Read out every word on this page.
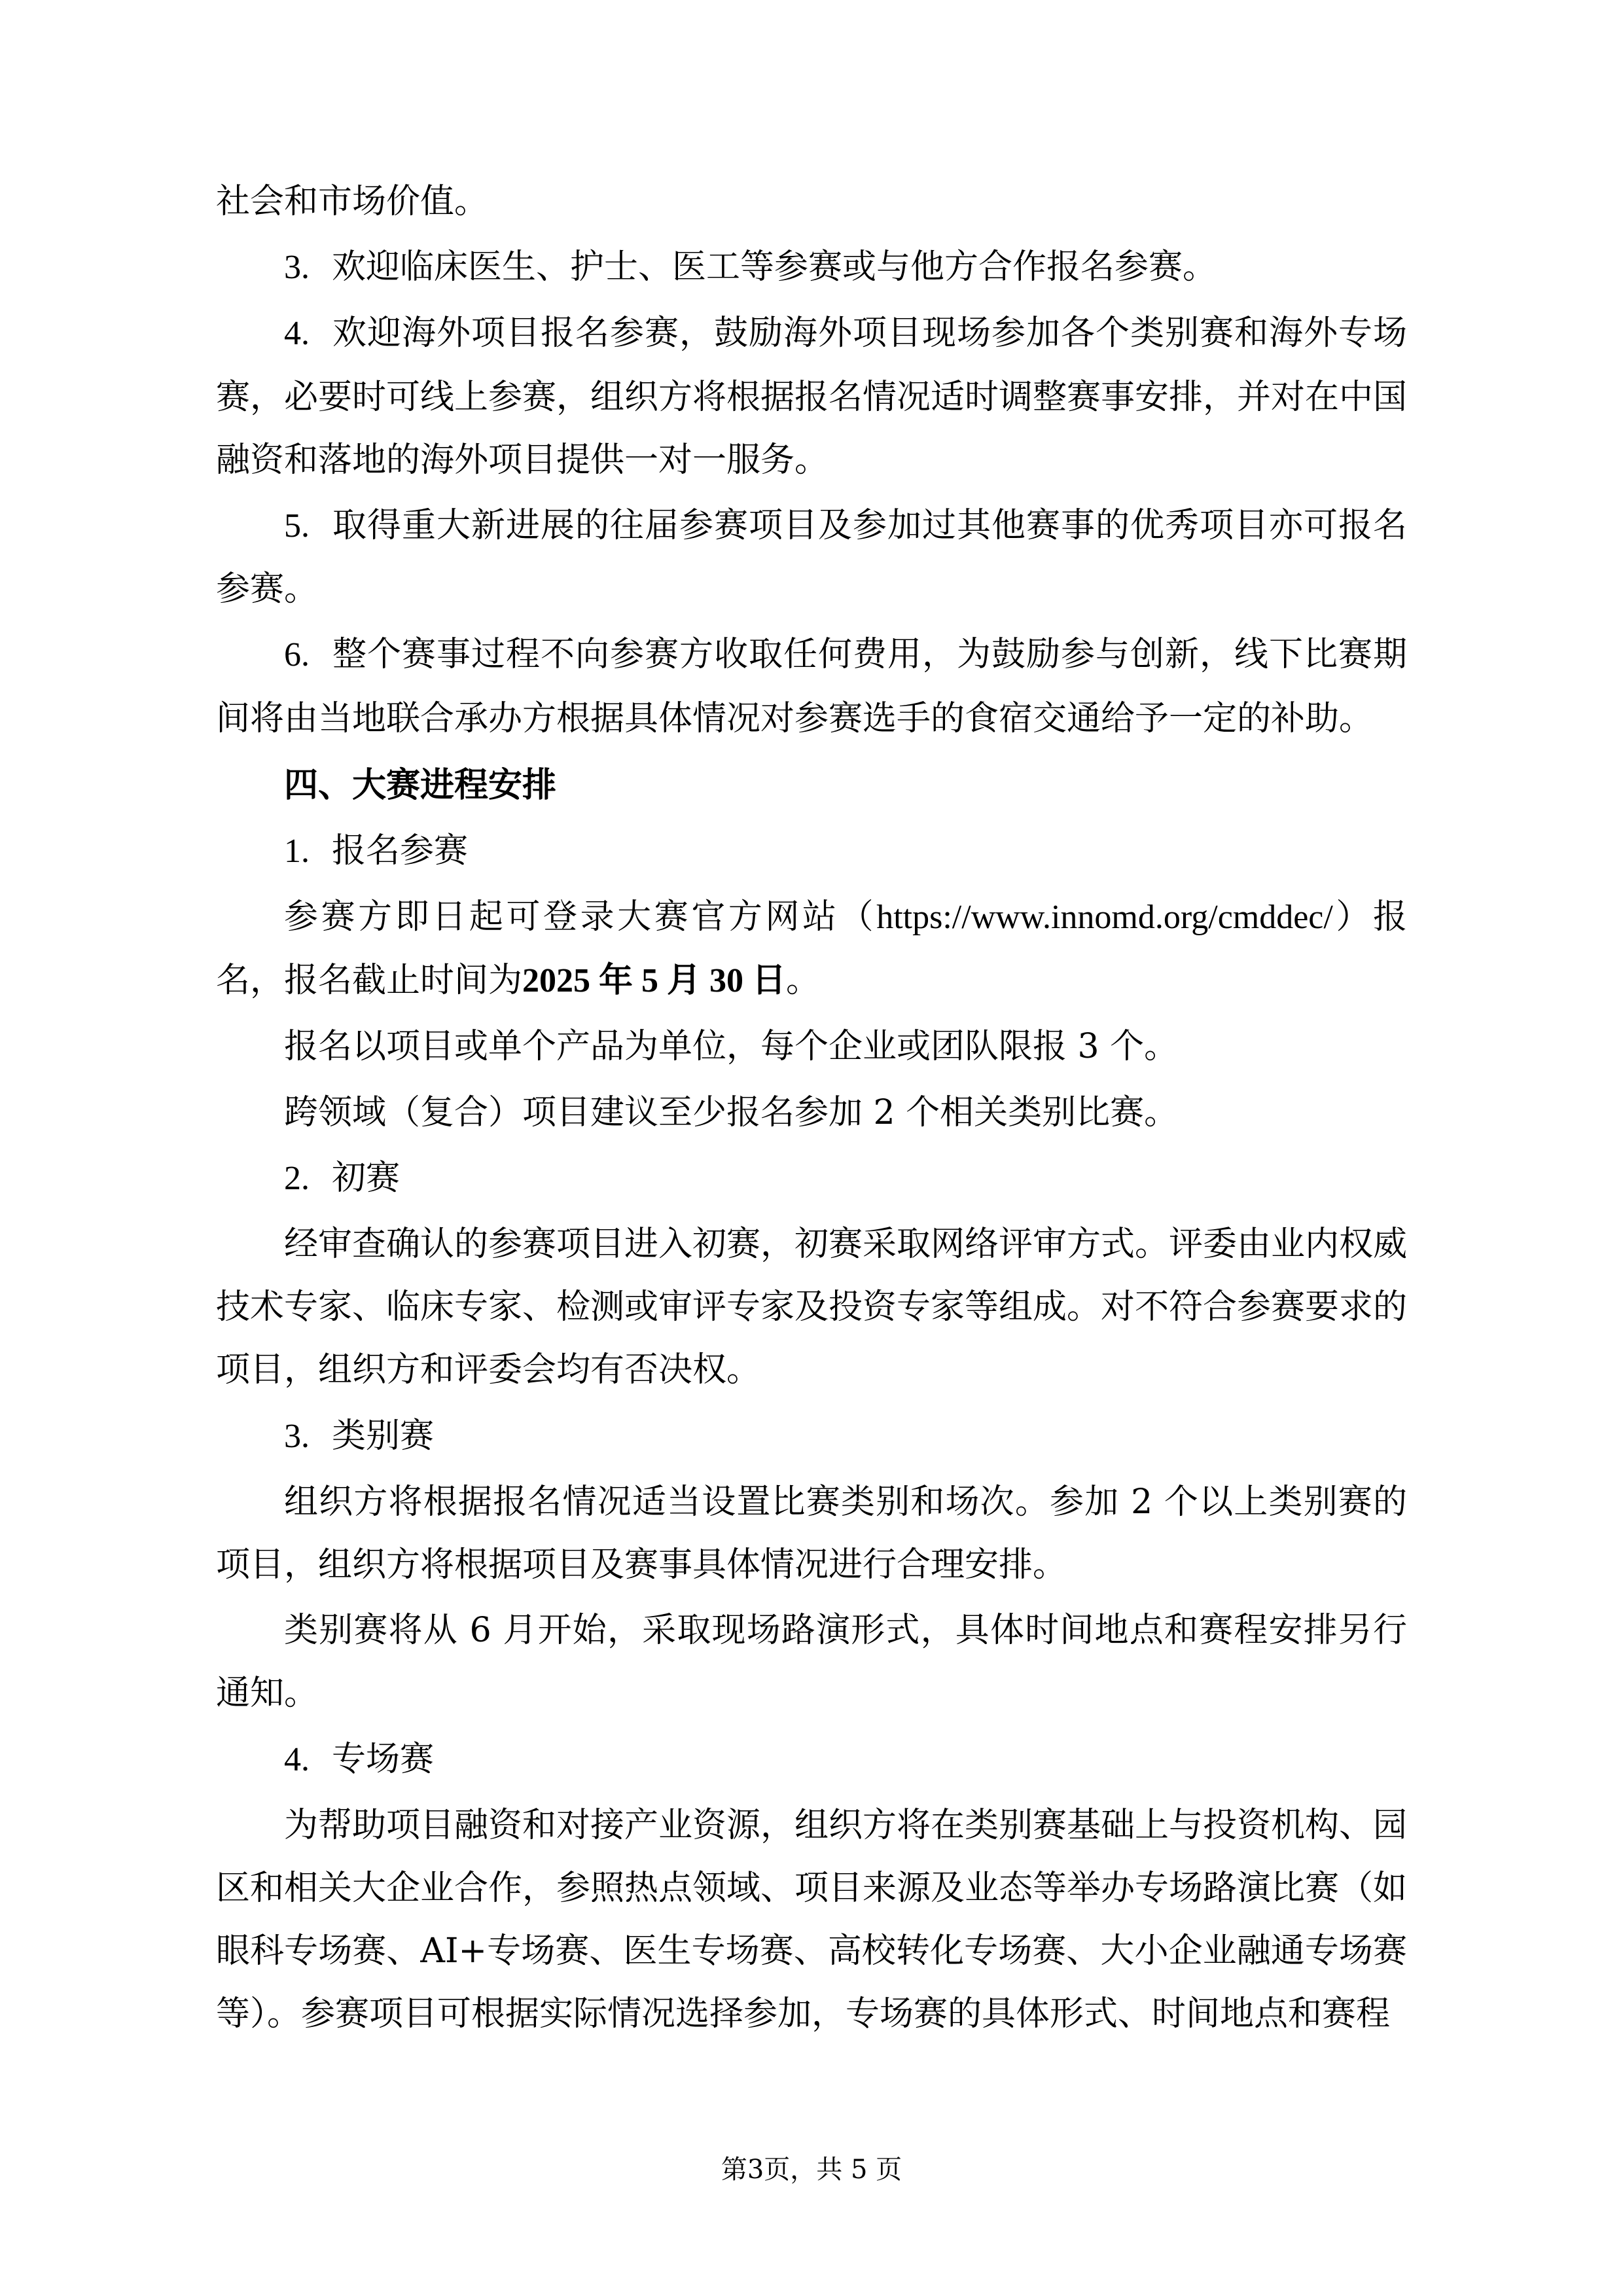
社会和市场价值。

3. 欢迎临床医生、护士、医工等参赛或与他方合作报名参赛。

4. 欢迎海外项目报名参赛，鼓励海外项目现场参加各个类别赛和海外专场赛，必要时可线上参赛，组织方将根据报名情况适时调整赛事安排，并对在中国融资和落地的海外项目提供一对一服务。

5. 取得重大新进展的往届参赛项目及参加过其他赛事的优秀项目亦可报名参赛。

6. 整个赛事过程不向参赛方收取任何费用，为鼓励参与创新，线下比赛期间将由当地联合承办方根据具体情况对参赛选手的食宿交通给予一定的补助。

四、大赛进程安排

1. 报名参赛

参赛方即日起可登录大赛官方网站（https://www.innomd.org/cmddec/）报名，报名截止时间为2025 年 5 月 30 日。

报名以项目或单个产品为单位，每个企业或团队限报 3 个。

跨领域（复合）项目建议至少报名参加 2 个相关类别比赛。

2. 初赛

经审查确认的参赛项目进入初赛，初赛采取网络评审方式。评委由业内权威技术专家、临床专家、检测或审评专家及投资专家等组成。对不符合参赛要求的项目，组织方和评委会均有否决权。

3. 类别赛

组织方将根据报名情况适当设置比赛类别和场次。参加 2 个以上类别赛的项目，组织方将根据项目及赛事具体情况进行合理安排。

类别赛将从 6 月开始，采取现场路演形式，具体时间地点和赛程安排另行通知。

4. 专场赛

为帮助项目融资和对接产业资源，组织方将在类别赛基础上与投资机构、园区和相关大企业合作，参照热点领域、项目来源及业态等举办专场路演比赛（如眼科专场赛、AI+专场赛、医生专场赛、高校转化专场赛、大小企业融通专场赛等）。参赛项目可根据实际情况选择参加，专场赛的具体形式、时间地点和赛程

第3页，共 5 页
